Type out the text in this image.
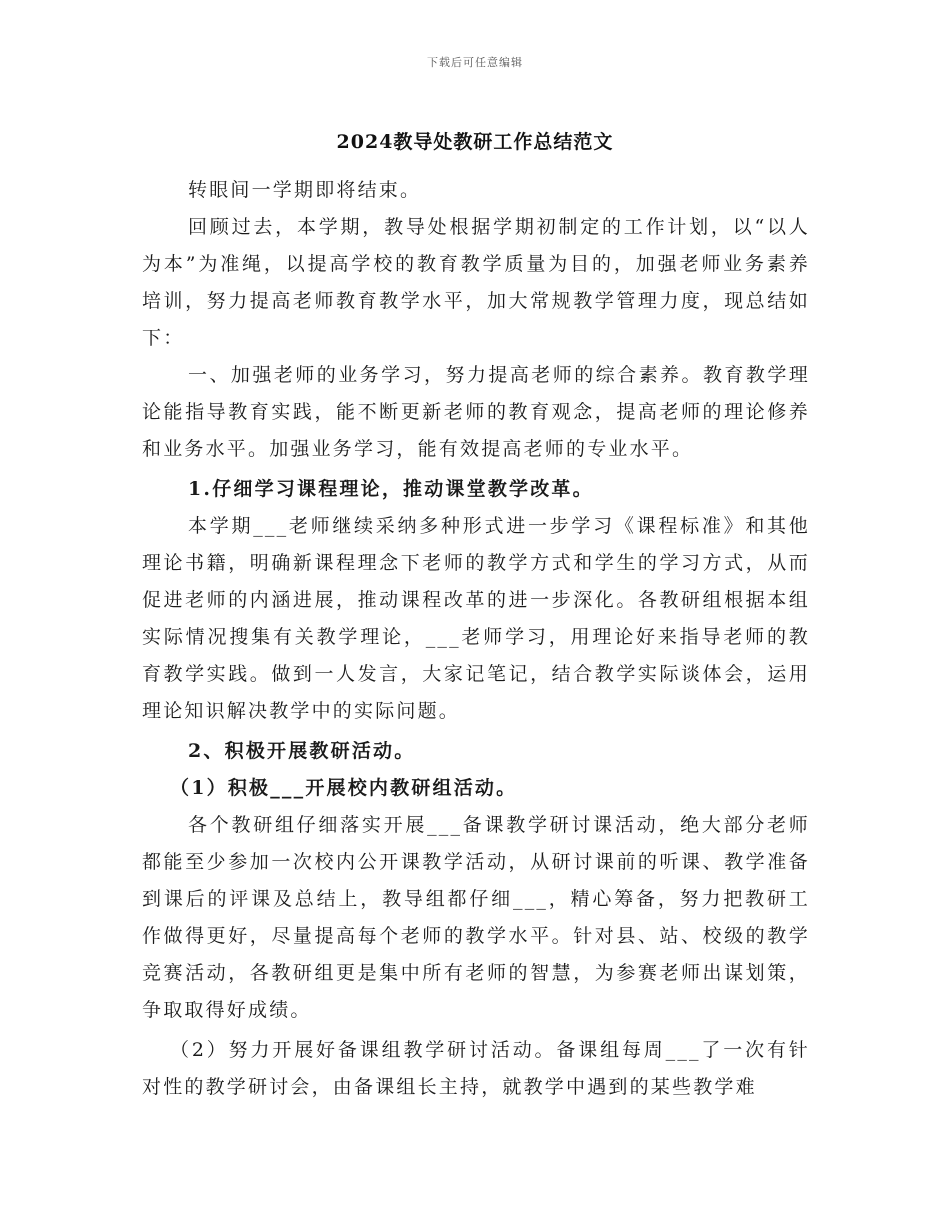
下载后可任意编辑
2024教导处教研工作总结范文

转眼间一学期即将结束。

回顾过去，本学期，教导处根据学期初制定的工作计划，以“以人为本”为准绳，以提高学校的教育教学质量为目的，加强老师业务素养培训，努力提高老师教育教学水平，加大常规教学管理力度，现总结如下：

一、加强老师的业务学习，努力提高老师的综合素养。教育教学理论能指导教育实践，能不断更新老师的教育观念，提高老师的理论修养和业务水平。加强业务学习，能有效提高老师的专业水平。

1.仔细学习课程理论，推动课堂教学改革。

本学期___老师继续采纳多种形式进一步学习《课程标准》和其他理论书籍，明确新课程理念下老师的教学方式和学生的学习方式，从而促进老师的内涵进展，推动课程改革的进一步深化。各教研组根据本组实际情况搜集有关教学理论，___老师学习，用理论好来指导老师的教育教学实践。做到一人发言，大家记笔记，结合教学实际谈体会，运用理论知识解决教学中的实际问题。

2、积极开展教研活动。

（1）积极___开展校内教研组活动。

各个教研组仔细落实开展___备课教学研讨课活动，绝大部分老师都能至少参加一次校内公开课教学活动，从研讨课前的听课、教学准备到课后的评课及总结上，教导组都仔细___，精心筹备，努力把教研工作做得更好，尽量提高每个老师的教学水平。针对县、站、校级的教学竞赛活动，各教研组更是集中所有老师的智慧，为参赛老师出谋划策，争取取得好成绩。

（2）努力开展好备课组教学研讨活动。备课组每周___了一次有针对性的教学研讨会，由备课组长主持，就教学中遇到的某些教学难
